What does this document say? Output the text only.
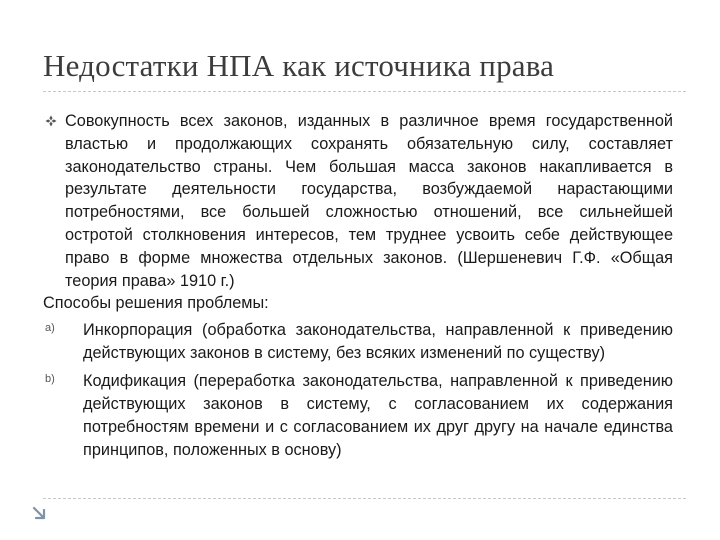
Недостатки НПА как источника права
Совокупность всех законов, изданных в различное время государственной властью и продолжающих сохранять обязательную силу, составляет законодательство страны. Чем большая масса законов накапливается в результате деятельности государства, возбуждаемой нарастающими потребностями, все большей сложностью отношений, все сильнейшей остротой столкновения интересов, тем труднее усвоить себе действующее право в форме множества отдельных законов. (Шершеневич Г.Ф. «Общая теория права» 1910 г.)
Способы решения проблемы:
a) Инкорпорация (обработка законодательства, направленной к приведению действующих законов в систему, без всяких изменений по существу)
b) Кодификация (переработка законодательства, направленной к приведению действующих законов в систему, с согласованием их содержания потребностям времени и с согласованием их друг другу на начале единства принципов, положенных в основу)
